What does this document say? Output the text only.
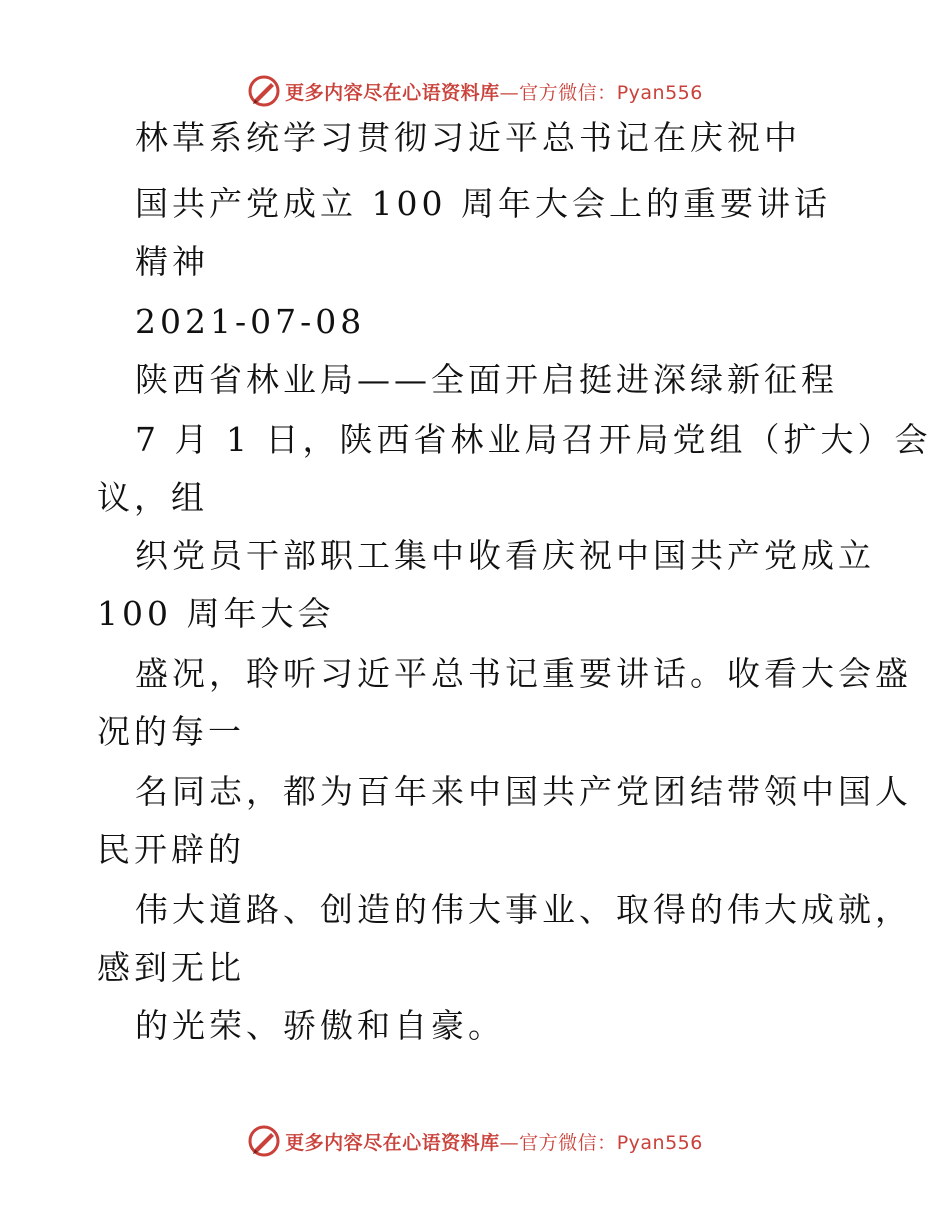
更多内容尽在心语资料库—官方微信：Pyan556
林草系统学习贯彻习近平总书记在庆祝中
国共产党成立 100 周年大会上的重要讲话
精神
2021-07-08
陕西省林业局——全面开启挺进深绿新征程
7 月 1 日，陕西省林业局召开局党组（扩大）会
议，组
织党员干部职工集中收看庆祝中国共产党成立
100 周年大会
盛况，聆听习近平总书记重要讲话。收看大会盛
况的每一
名同志，都为百年来中国共产党团结带领中国人
民开辟的
伟大道路、创造的伟大事业、取得的伟大成就，
感到无比
的光荣、骄傲和自豪。
更多内容尽在心语资料库—官方微信：Pyan556
